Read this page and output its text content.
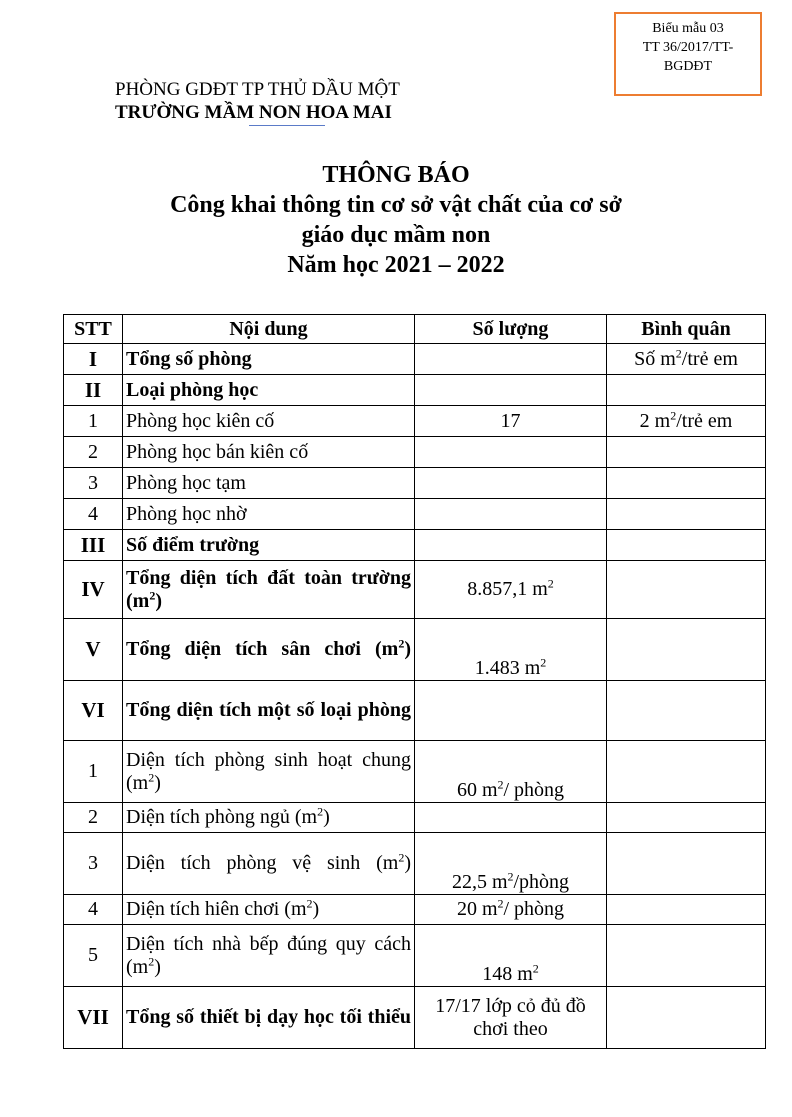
Biểu mẫu 03
TT 36/2017/TT-
BGDĐT
PHÒNG GDĐT TP THỦ DẦU MỘT
TRƯỜNG MẦM NON HOA MAI
THÔNG BÁO
Công khai thông tin cơ sở vật chất của cơ sở
giáo dục mầm non
Năm học 2021 – 2022
STT	Nội dung	Số lượng	Bình quân
I	Tổng số phòng		Số $m^2$/trẻ em
II	Loại phòng học		
1	Phòng học kiên cố	17	2 $m^2$/trẻ em
2	Phòng học bán kiên cố		
3	Phòng học tạm		
4	Phòng học nhờ		
III	Số điểm trường		
IV	Tổng diện tích đất toàn trường $(m^2)$	8.857,1 $m^2$	
V	Tổng diện tích sân chơi $(m^2)$	1.483 $m^2$	
VI	Tổng diện tích một số loại phòng		
1	Diện tích phòng sinh hoạt chung $(m^2)$	60 $m^2/$ phòng	
2	Diện tích phòng ngủ $(m^2)$		
3	Diện tích phòng vệ $\sinh (m^2)$	22,5 $m^2$/phòng	
4	Diện tích hiên chơi $(m^2)$	20 $m^2/$ phòng	
5	Diện tích nhà bếp đúng quy cách $(m^2)$	148 $m^2$	
VII	Tổng số thiết bị dạy học tối thiểu	17/17 lớp cỏ đủ đồ chơi theo	
